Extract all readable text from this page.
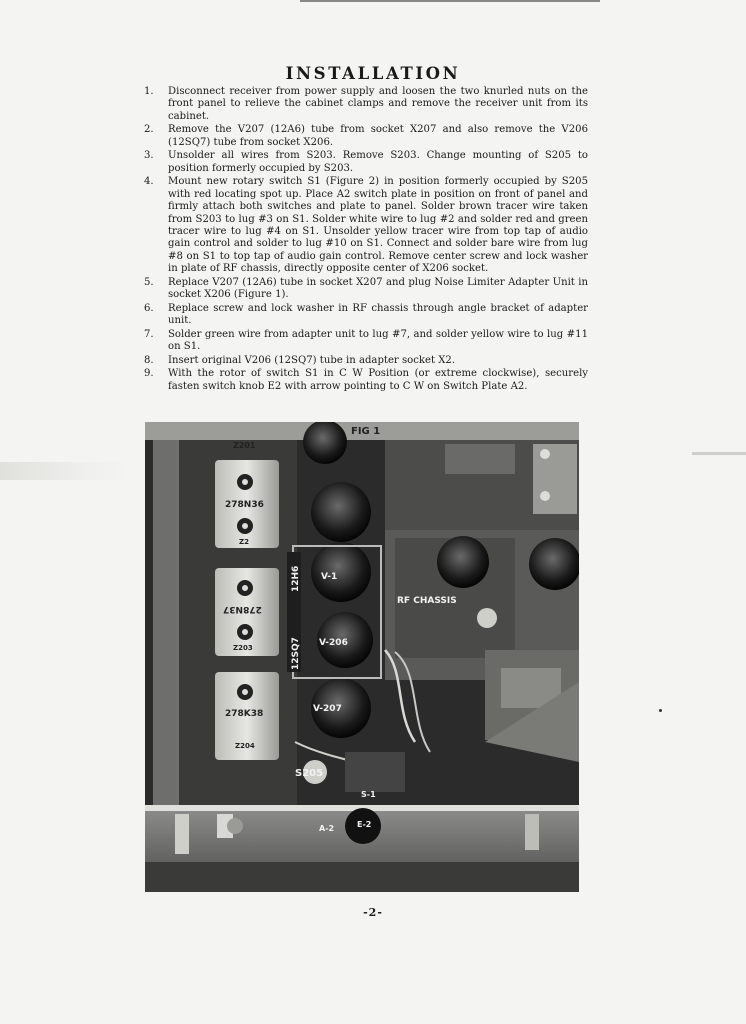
INSTALLATION
1.	Disconnect receiver from power supply and loosen the two knurled nuts on the front panel to relieve the cabinet clamps and remove the receiver unit from its cabinet.
2.	Remove the V207 (12A6) tube from socket X207 and also remove the V206 (12SQ7) tube from socket X206.
3.	Unsolder all wires from S203. Remove S203. Change mounting of S205 to position formerly occupied by S203.
4.	Mount new rotary switch S1 (Figure 2) in position formerly occupied by S205 with red locating spot up. Place A2 switch plate in position on front of panel and firmly attach both switches and plate to panel. Solder brown tracer wire taken from S203 to lug #3 on S1. Solder white wire to lug #2 and solder red and green tracer wire to lug #4 on S1. Unsolder yellow tracer wire from top tap of audio gain control and solder to lug #10 on S1. Connect and solder bare wire from lug #8 on S1 to top tap of audio gain control. Remove center screw and lock washer in plate of RF chassis, directly opposite center of X206 socket.
5.	Replace V207 (12A6) tube in socket X207 and plug Noise Limiter Adapter Unit in socket X206 (Figure 1).
6.	Replace screw and lock washer in RF chassis through angle bracket of adapter unit.
7.	Solder green wire from adapter unit to lug #7, and solder yellow wire to lug #11 on S1.
8.	Insert original V206 (12SQ7) tube in adapter socket X2.
9.	With the rotor of switch S1 in C W Position (or extreme clockwise), securely fasten switch knob E2 with arrow pointing to C W on Switch Plate A2.
FIG 1
Z201
278N36
Z2
278N37
Z203
278K38
Z204
12H6
12SQ7
V-1
V-206
V-207
RF CHASSIS
S205
S-1
A-2	E-2
-2-
